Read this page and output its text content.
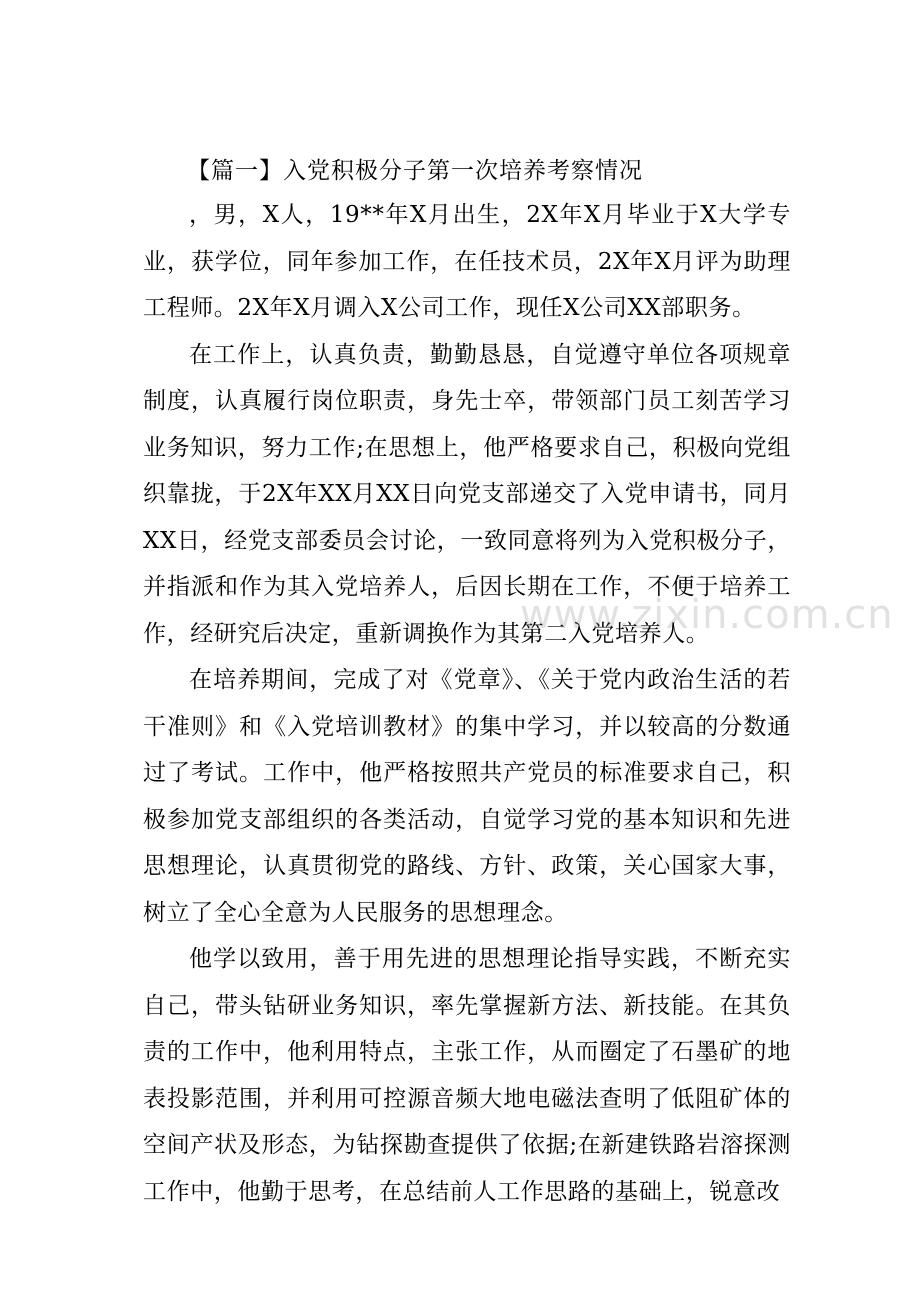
【篇一】入党积极分子第一次培养考察情况

，男，X人，19**年X月出生，2X年X月毕业于X大学专业，获学位，同年参加工作，在任技术员，2X年X月评为助理工程师。2X年X月调入X公司工作，现任X公司XX部职务。

在工作上，认真负责，勤勤恳恳，自觉遵守单位各项规章制度，认真履行岗位职责，身先士卒，带领部门员工刻苦学习业务知识，努力工作;在思想上，他严格要求自己，积极向党组织靠拢，于2X年XX月XX日向党支部递交了入党申请书，同月XX日，经党支部委员会讨论，一致同意将列为入党积极分子，并指派和作为其入党培养人，后因长期在工作，不便于培养工作，经研究后决定，重新调换作为其第二入党培养人。

在培养期间，完成了对《党章》、《关于党内政治生活的若干准则》和《入党培训教材》的集中学习，并以较高的分数通过了考试。工作中，他严格按照共产党员的标准要求自己，积极参加党支部组织的各类活动，自觉学习党的基本知识和先进思想理论，认真贯彻党的路线、方针、政策，关心国家大事，树立了全心全意为人民服务的思想理念。

他学以致用，善于用先进的思想理论指导实践，不断充实自己，带头钻研业务知识，率先掌握新方法、新技能。在其负责的工作中，他利用特点，主张工作，从而圈定了石墨矿的地表投影范围，并利用可控源音频大地电磁法查明了低阻矿体的空间产状及形态，为钻探勘查提供了依据;在新建铁路岩溶探测工作中，他勤于思考，在总结前人工作思路的基础上，锐意改

www.zixin.com.cn
